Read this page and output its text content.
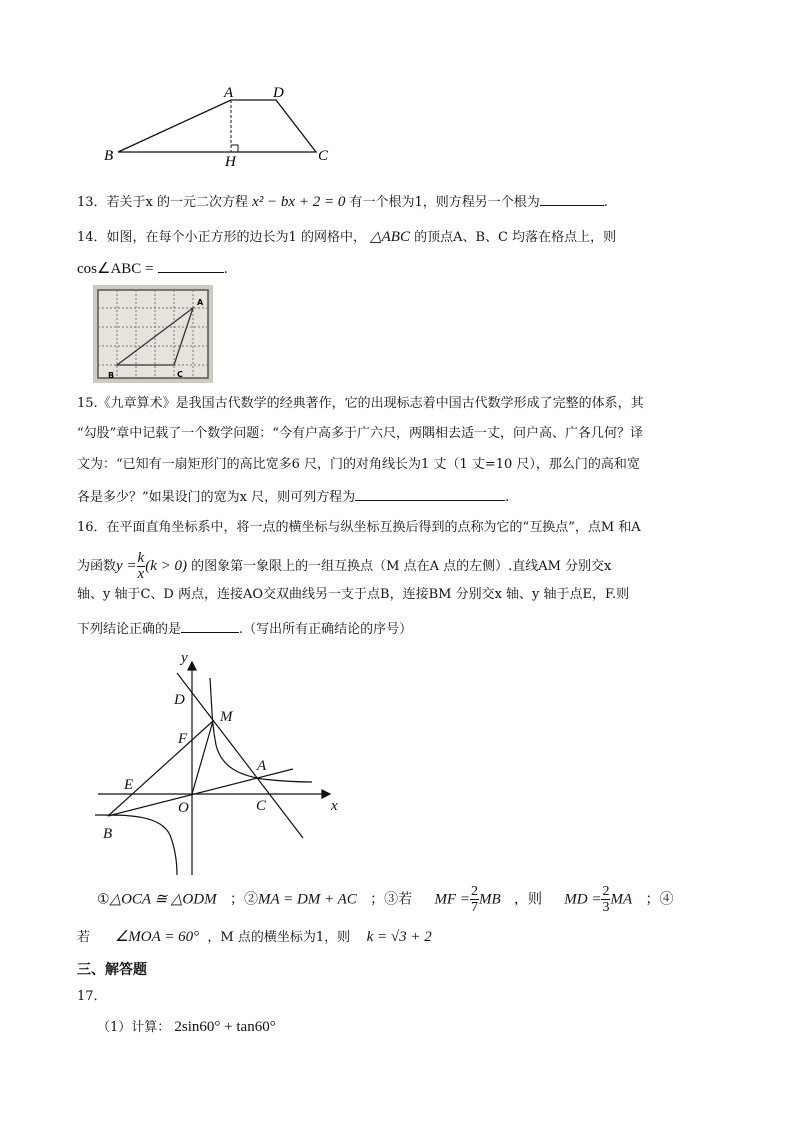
A	D
B	C
H
13．若关于x 的一元二次方程 x² − bx + 2 = 0 有一个根为1，则方程另一个根为	.
14．如图，在每个小正方形的边长为1 的网格中， △ABC 的顶点A、B、C 均落在格点上，则
cos∠ABC =	.
A
B	C
15.《九章算术》是我国古代数学的经典著作，它的出现标志着中国古代数学形成了完整的体系，其
“勾股”章中记载了一个数学问题：“今有户高多于广六尺，两隅相去适一丈，问户高、广各几何？译
文为：“已知有一扇矩形门的高比宽多6 尺，门的对角线长为1 丈（1 丈=10 尺），那么门的高和宽
各是多少？”如果设门的宽为x 尺，则可列方程为	.
16．在平面直角坐标系中，将一点的横坐标与纵坐标互换后得到的点称为它的“互换点”，点M 和A
为函数$y = \frac{k}{x} (k > 0)$ 的图象第一象限上的一组互换点（M 点在A 点的左侧）.直线AM 分别交x
轴、y 轴于C、D 两点，连接AO交双曲线另一支于点B，连接BM 分别交x 轴、y 轴于点E，F.则
下列结论正确的是	.（写出所有正确结论的序号）
y
x
D
M
F
A
E
O	C
B
①△OCA ≅ △ODM ；②MA = DM + AC ；③若 MF = $\frac{2}{7}$ MB ，则 MD = $\frac{2}{3}$ MA ；④
若 ∠MOA = 60° ，M 点的横坐标为1，则 k = √3 + 2
三、解答题
17．
（1）计算： 2sin60° + tan60°
